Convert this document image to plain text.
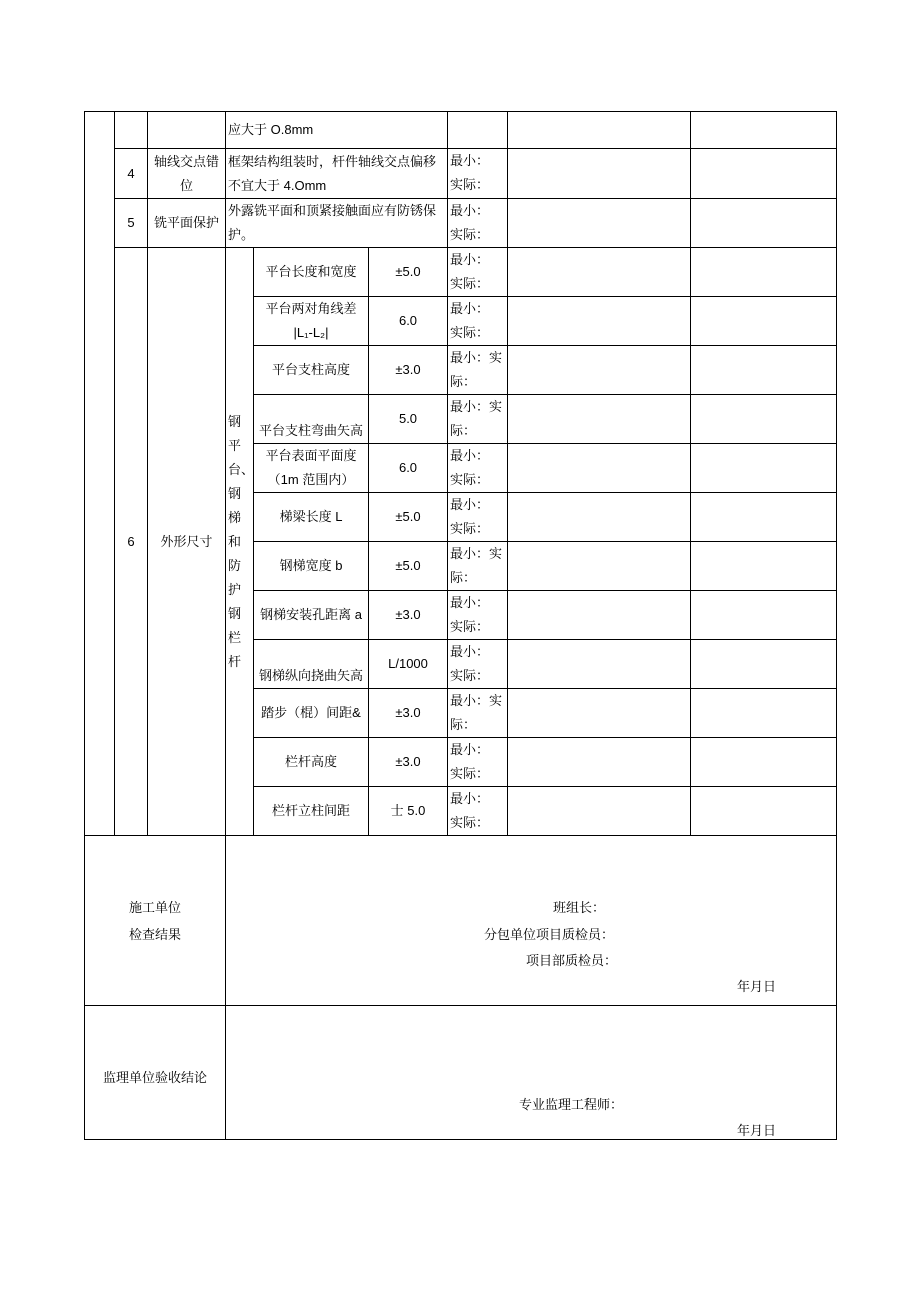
			应大于 O.8mm					
	4	轴线交点错位	框架结构组装时，杆件轴线交点偏移不宜大于 4.Omm			最小：
实际：		

	5	铣平面保护	外露铣平面和顶紧接触面应有防锈保护。			最小：
实际：		

	6	外形尺寸	钢平台、钢梯和防护钢栏杆	平台长度和宽度	±5.0	最小：
实际：		

				平台两对角线差
|L₁-L₂|	6.0	最小：
实际：		

				平台支柱高度	±3.0	最小：实际：		

				平台支柱弯曲矢高	5.0	最小：实际：		

				平台表面平面度
（1m 范围内）	6.0	最小：
实际：		

				梯梁长度 L	±5.0	最小：
实际：		

				钢梯宽度 b	±5.0	最小：实际：		

				钢梯安装孔距离 a	±3.0	最小：
实际：		

				钢梯纵向挠曲矢高	L/1000	最小：
实际：		

				踏步（棍）间距&	±3.0	最小：实际：		

				栏杆高度	±3.0	最小：
实际：		

				栏杆立柱间距	士 5.0	最小：
实际：		

施工单位
检查结果			班组长：
分包单位项目质检员：
项目部质检员：
年月日					

监理单位验收结论			专业监理工程师：
年月日					
